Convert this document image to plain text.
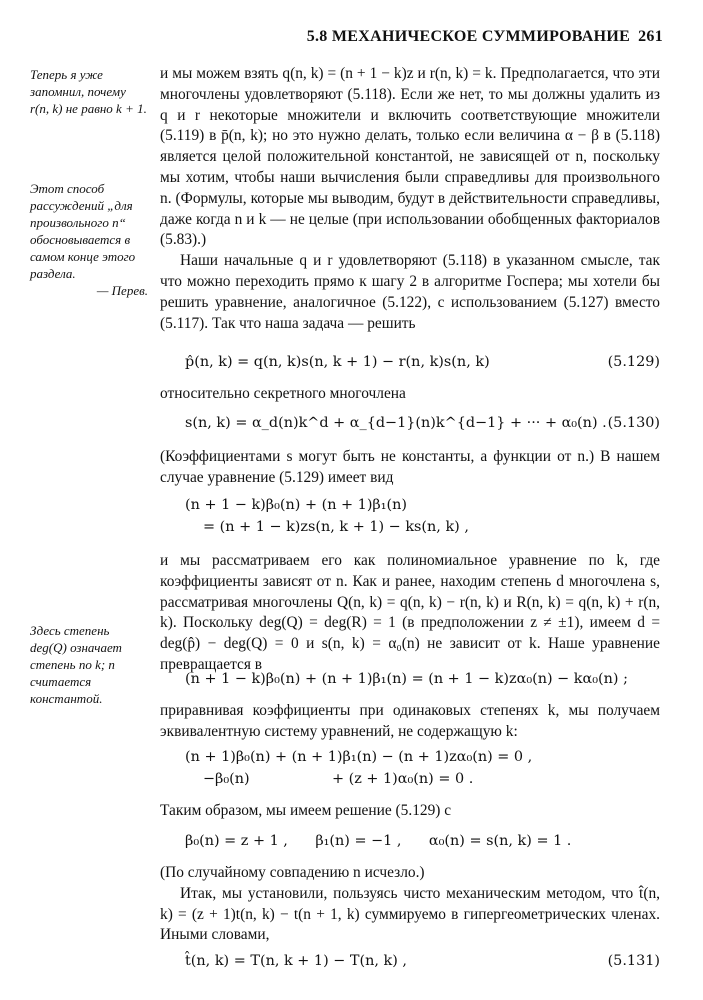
5.8 МЕХАНИЧЕСКОЕ СУММИРОВАНИЕ 261
Теперь я уже запомнил, почему r(n, k) не равно k + 1.
Этот способ рассуждений „для произвольного n“ обосновывается в самом конце этого раздела.
— Перев.
Здесь степень deg(Q) означает степень по k; n считается константой.

и мы можем взять q(n, k) = (n + 1 − k)z и r(n, k) = k. Предполагается, что эти многочлены удовлетворяют (5.118). Если же нет, то мы должны удалить из q и r некоторые множители и включить соответствующие множители (5.119) в p̄(n, k); но это нужно делать, только если величина α − β в (5.118) является целой положительной константой, не зависящей от n, поскольку мы хотим, чтобы наши вычисления были справедливы для произвольного n. (Формулы, которые мы выводим, будут в действительности справедливы, даже когда n и k — не целые (при использовании обобщенных факториалов (5.83).)

Наши начальные q и r удовлетворяют (5.118) в указанном смысле, так что можно переходить прямо к шагу 2 в алгоритме Госпера; мы хотели бы решить уравнение, аналогичное (5.122), с использованием (5.127) вместо (5.117). Так что наша задача — решить

p̂(n, k) = q(n, k)s(n, k + 1) − r(n, k)s(n, k)	(5.129)
относительно секретного многочлена
s(n, k) = α_d(n)k^d + α_{d−1}(n)k^{d−1} + ··· + α₀(n) . (5.130)
(Коэффициентами s могут быть не константы, а функции от n.) В нашем случае уравнение (5.129) имеет вид
(n + 1 − k)β₀(n) + (n + 1)β₁(n)
= (n + 1 − k)zs(n, k + 1) − ks(n, k) ,
и мы рассматриваем его как полиномиальное уравнение по k, где коэффициенты зависят от n. Как и ранее, находим степень d многочлена s, рассматривая многочлены Q(n, k) = q(n, k) − r(n, k) и R(n, k) = q(n, k) + r(n, k). Поскольку deg(Q) = deg(R) = 1 (в предположении z ≠ ±1), имеем d = deg(p̂) − deg(Q) = 0 и s(n, k) = α₀(n) не зависит от k. Наше уравнение превращается в
(n + 1 − k)β₀(n) + (n + 1)β₁(n) = (n + 1 − k)zα₀(n) − kα₀(n) ;
приравнивая коэффициенты при одинаковых степенях k, мы получаем эквивалентную систему уравнений, не содержащую k:
(n + 1)β₀(n) + (n + 1)β₁(n) − (n + 1)zα₀(n) = 0 ,
−β₀(n)                  + (z + 1)α₀(n) = 0 .
Таким образом, мы имеем решение (5.129) с
β₀(n) = z + 1 ,      β₁(n) = −1 ,      α₀(n) = s(n, k) = 1 .

(По случайному совпадению n исчезло.)

Итак, мы установили, пользуясь чисто механическим методом, что t̂(n, k) = (z + 1)t(n, k) − t(n + 1, k) суммируемо в гипергеометрических членах. Иными словами,

t̂(n, k) = T(n, k + 1) − T(n, k) ,	(5.131)
